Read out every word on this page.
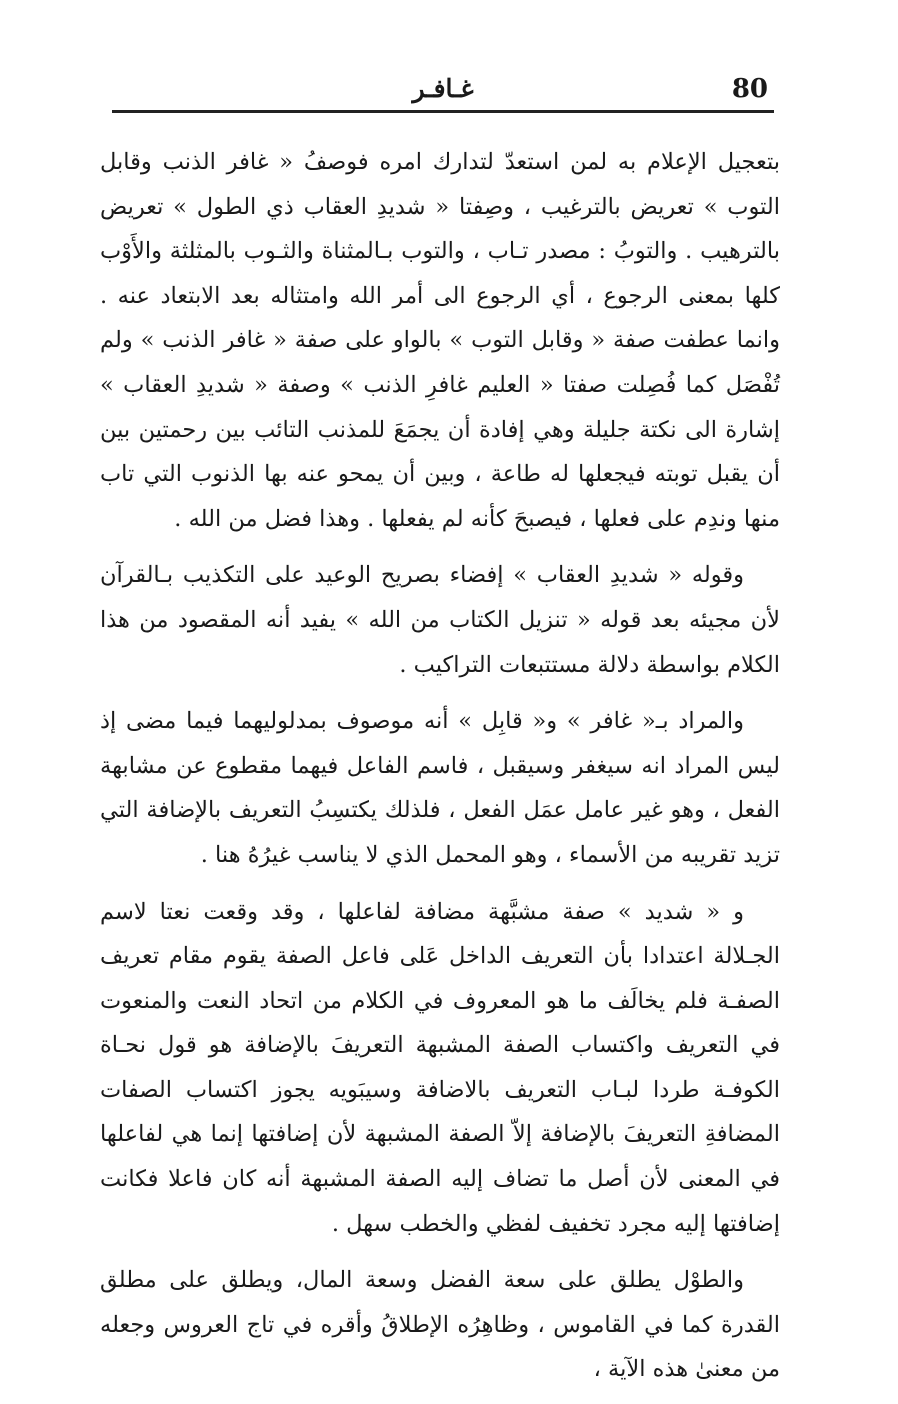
80
غـافـر

بتعجيل الإعلام به لمن استعدّ لتدارك امره فوصفُ « غافر الذنب وقابل التوب » تعريض بالترغيب ، وصِفتا « شديدِ العقاب ذي الطول » تعريض بالترهيب . والتوبُ : مصدر تـاب ، والتوب بـالمثناة والثـوب بالمثلثة والأَوْب كلها بمعنى الرجوع ، أي الرجوع الى أمر الله وامتثاله بعد الابتعاد عنه . وانما عطفت صفة « وقابل التوب » بالواو على صفة « غافر الذنب » ولم تُفْصَل كما فُصِلت صفتا « العليم غافرِ الذنب » وصفة « شديدِ العقاب » إشارة الى نكتة جليلة وهي إفادة أن يجمَعَ للمذنب التائب بين رحمتين بين أن يقبل توبته فيجعلها له طاعة ، وبين أن يمحو عنه بها الذنوب التي تاب منها وندِم على فعلها ، فيصبحَ كأنه لم يفعلها . وهذا فضل من الله .

وقوله « شديدِ العقاب » إفضاء بصريح الوعيد على التكذيب بـالقرآن لأن مجيئه بعد قوله « تنزيل الكتاب من الله » يفيد أنه المقصود من هذا الكلام بواسطة دلالة مستتبعات التراكيب .

والمراد بـ« غافر » و« قابِل » أنه موصوف بمدلوليهما فيما مضى إذ ليس المراد انه سيغفر وسيقبل ، فاسم الفاعل فيهما مقطوع عن مشابهة الفعل ، وهو غير عامل عمَل الفعل ، فلذلك يكتسِبُ التعريف بالإضافة التي تزيد تقريبه من الأسماء ، وهو المحمل الذي لا يناسب غيرُهُ هنا .

و « شديد » صفة مشبَّهة مضافة لفاعلها ، وقد وقعت نعتا لاسم الجـلالة اعتدادا بأن التعريف الداخل عَلى فاعل الصفة يقوم مقام تعريف الصفـة فلم يخالَف ما هو المعروف في الكلام من اتحاد النعت والمنعوت في التعريف واكتساب الصفة المشبهة التعريفَ بالإضافة هو قول نحـاة الكوفـة طردا لبـاب التعريف بالاضافة وسيبَويه يجوز اكتساب الصفات المضافةِ التعريفَ بالإضافة إلاّ الصفة المشبهة لأن إضافتها إنما هي لفاعلها في المعنى لأن أصل ما تضاف إليه الصفة المشبهة أنه كان فاعلا فكانت إضافتها إليه مجرد تخفيف لفظي والخطب سهل .

والطوْل يطلق على سعة الفضل وسعة المال، ويطلق على مطلق القدرة كما في القاموس ، وظاهِرُه الإطلاقُ وأقره في تاج العروس وجعله من معنىٰ هذه الآية ،
